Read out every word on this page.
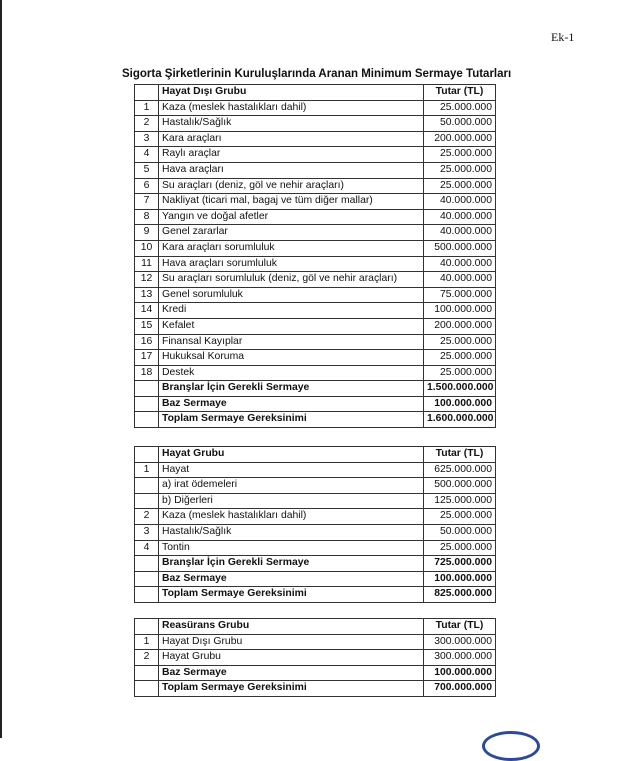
Ek-1
Sigorta Şirketlerinin Kuruluşlarında Aranan Minimum Sermaye Tutarları
	Hayat Dışı Grubu	Tutar (TL)
1	Kaza (meslek hastalıkları dahil)	25.000.000
2	Hastalık/Sağlık	50.000.000
3	Kara araçları	200.000.000
4	Raylı araçlar	25.000.000
5	Hava araçları	25.000.000
6	Su araçları (deniz, göl ve nehir araçları)	25.000.000
7	Nakliyat (ticari mal, bagaj ve tüm diğer mallar)	40.000.000
8	Yangın ve doğal afetler	40.000.000
9	Genel zararlar	40.000.000
10	Kara araçları sorumluluk	500.000.000
11	Hava araçları sorumluluk	40.000.000
12	Su araçları sorumluluk (deniz, göl ve nehir araçları)	40.000.000
13	Genel sorumluluk	75.000.000
14	Kredi	100.000.000
15	Kefalet	200.000.000
16	Finansal Kayıplar	25.000.000
17	Hukuksal Koruma	25.000.000
18	Destek	25.000.000
	Branşlar İçin Gerekli Sermaye	1.500.000.000
	Baz Sermaye	100.000.000
	Toplam Sermaye Gereksinimi	1.600.000.000
	Hayat Grubu	Tutar (TL)
1	Hayat	625.000.000
	a) irat ödemeleri	500.000.000
	b) Diğerleri	125.000.000
2	Kaza (meslek hastalıkları dahil)	25.000.000
3	Hastalık/Sağlık	50.000.000
4	Tontin	25.000.000
	Branşlar İçin Gerekli Sermaye	725.000.000
	Baz Sermaye	100.000.000
	Toplam Sermaye Gereksinimi	825.000.000
	Reasürans Grubu	Tutar (TL)
1	Hayat Dışı Grubu	300.000.000
2	Hayat Grubu	300.000.000
	Baz Sermaye	100.000.000
	Toplam Sermaye Gereksinimi	700.000.000
